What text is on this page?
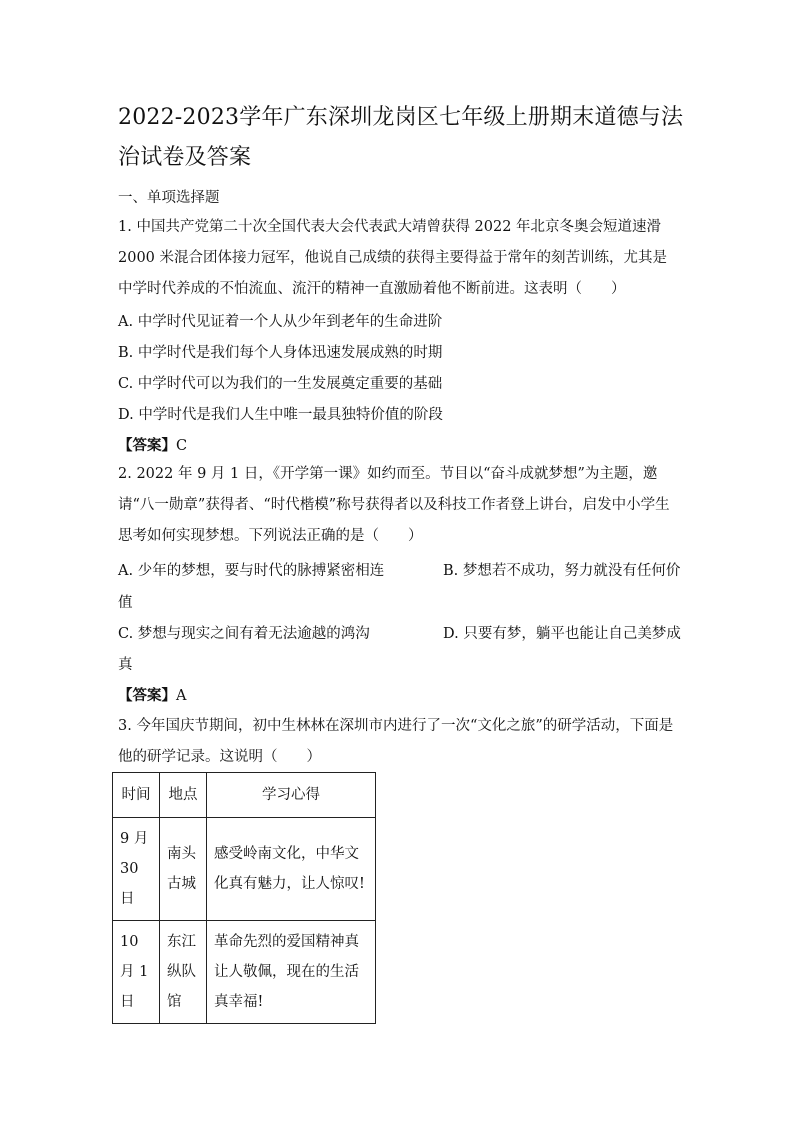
2022-2023学年广东深圳龙岗区七年级上册期末道德与法治试卷及答案
一、单项选择题
1. 中国共产党第二十次全国代表大会代表武大靖曾获得 2022 年北京冬奥会短道速滑 2000 米混合团体接力冠军，他说自己成绩的获得主要得益于常年的刻苦训练，尤其是中学时代养成的不怕流血、流汗的精神一直激励着他不断前进。这表明（　　）
A. 中学时代见证着一个人从少年到老年的生命进阶
B. 中学时代是我们每个人身体迅速发展成熟的时期
C. 中学时代可以为我们的一生发展奠定重要的基础
D. 中学时代是我们人生中唯一最具独特价值的阶段
【答案】C
2. 2022 年 9 月 1 日，《开学第一课》如约而至。节目以“奋斗成就梦想”为主题，邀请“八一勋章”获得者、“时代楷模”称号获得者以及科技工作者登上讲台，启发中小学生思考如何实现梦想。下列说法正确的是（　　）
A. 少年的梦想，要与时代的脉搏紧密相连	B. 梦想若不成功，努力就没有任何价
值
C. 梦想与现实之间有着无法逾越的鸿沟	D. 只要有梦，躺平也能让自己美梦成
真
【答案】A
3. 今年国庆节期间，初中生林林在深圳市内进行了一次“文化之旅”的研学活动，下面是他的研学记录。这说明（　　）
时间	地点	学习心得
9 月 30日	南头古城	感受岭南文化，中华文化真有魅力，让人惊叹!
10 月 1 日	东江纵队馆	革命先烈的爱国精神真让人敬佩，现在的生活真幸福!
